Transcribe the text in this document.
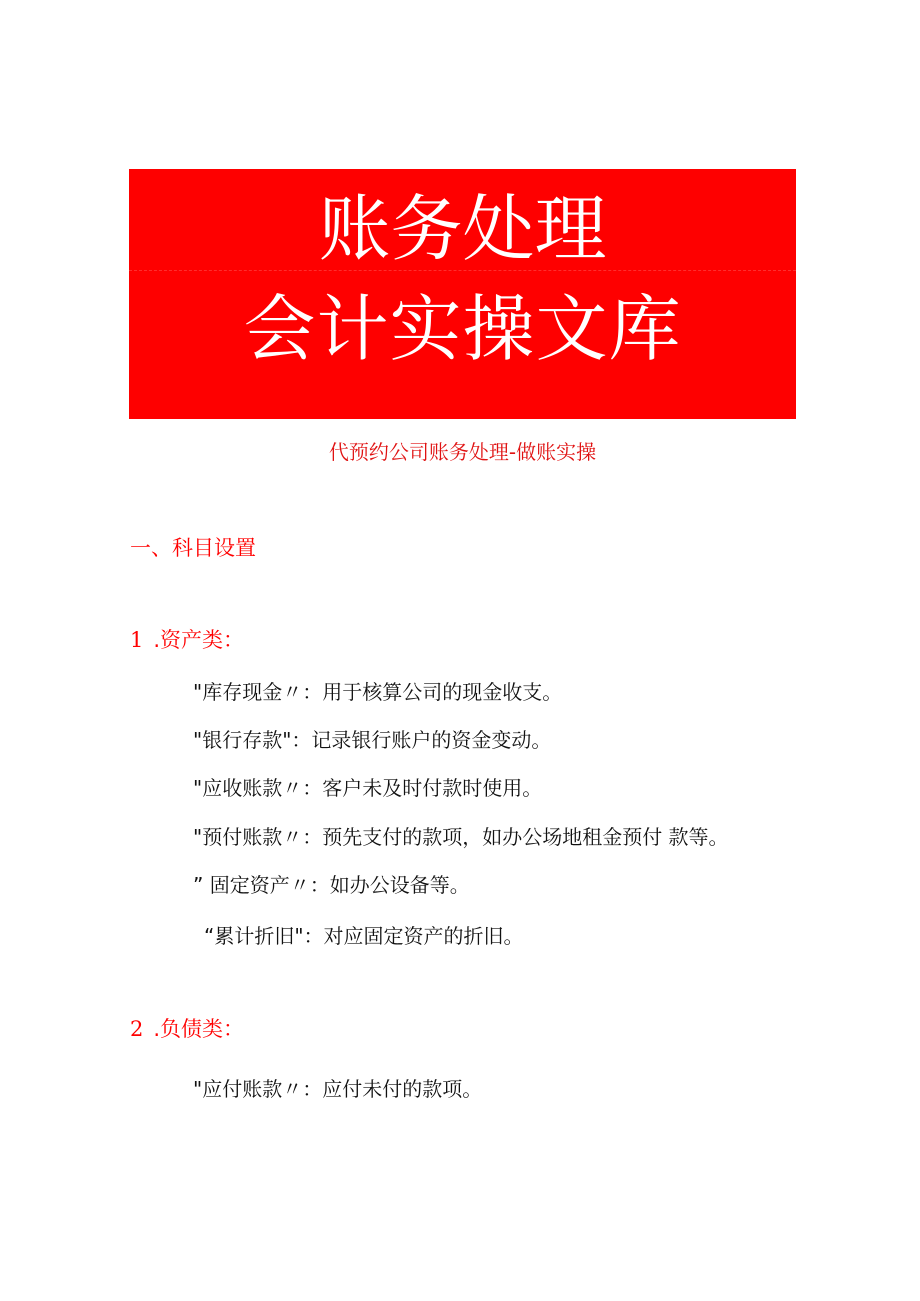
账务处理
会计实操文库
代预约公司账务处理-做账实操
一、科目设置
1 .资产类：
"库存现金〃：用于核算公司的现金收支。
"银行存款"：记录银行账户的资金变动。
"应收账款〃：客户未及时付款时使用。
"预付账款〃：预先支付的款项，如办公场地租金预付 款等。
” 固定资产〃：如办公设备等。
“累计折旧"：对应固定资产的折旧。
2 .负债类：
"应付账款〃：应付未付的款项。
